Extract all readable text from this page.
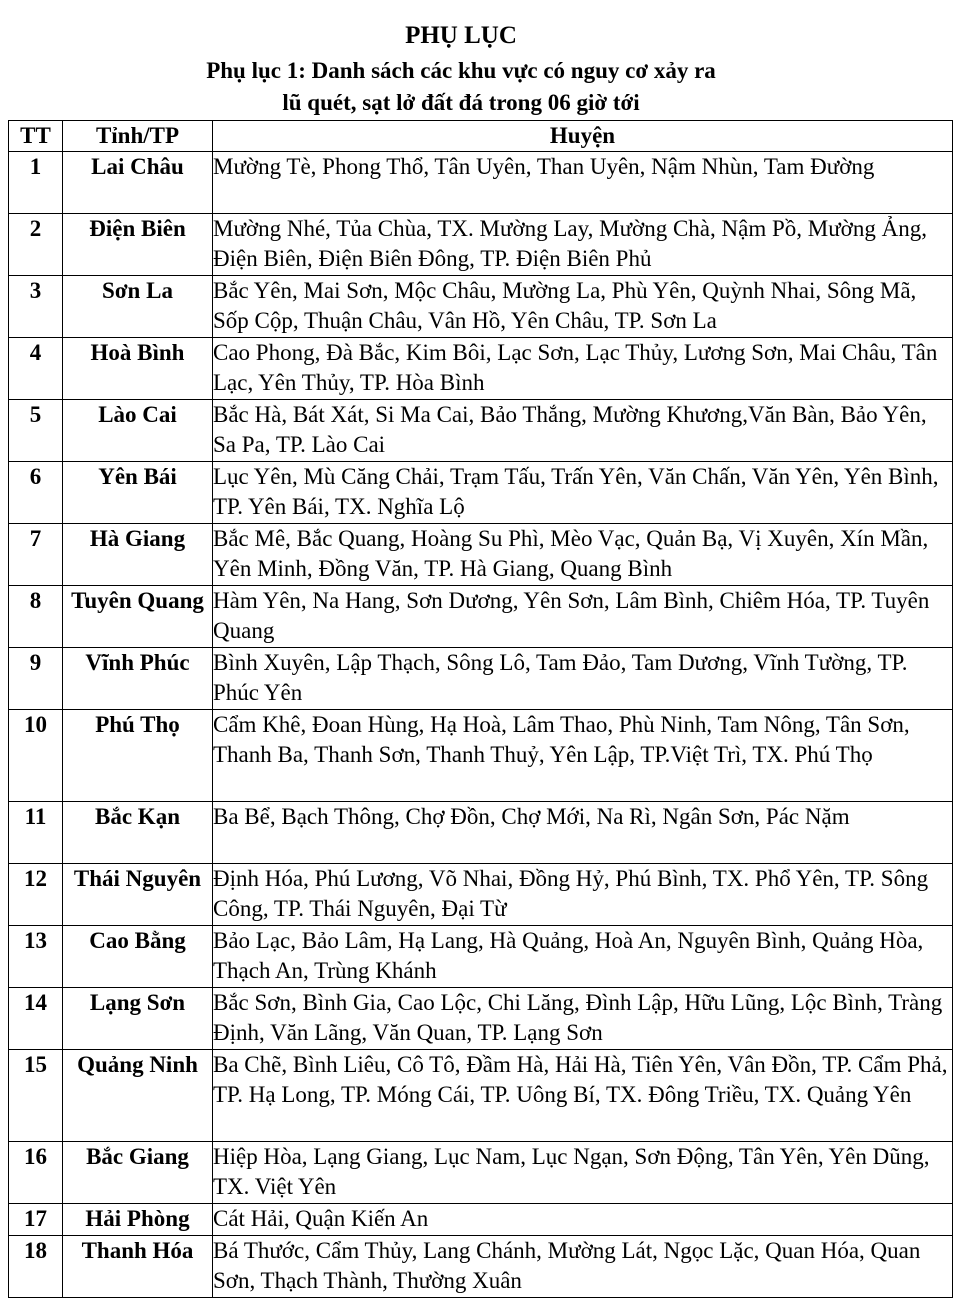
PHỤ LỤC
Phụ lục 1: Danh sách các khu vực có nguy cơ xảy ra
lũ quét, sạt lở đất đá trong 06 giờ tới
TT	Tỉnh/TP	Huyện
1	Lai Châu	Mường Tè, Phong Thổ, Tân Uyên, Than Uyên, Nậm Nhùn, Tam Đường
2	Điện Biên	Mường Nhé, Tủa Chùa, TX. Mường Lay, Mường Chà, Nậm Pồ, Mường Ảng, Điện Biên, Điện Biên Đông, TP. Điện Biên Phủ
3	Sơn La	Bắc Yên, Mai Sơn, Mộc Châu, Mường La, Phù Yên, Quỳnh Nhai, Sông Mã, Sốp Cộp, Thuận Châu, Vân Hồ, Yên Châu, TP. Sơn La
4	Hoà Bình	Cao Phong, Đà Bắc, Kim Bôi, Lạc Sơn, Lạc Thủy, Lương Sơn, Mai Châu, Tân Lạc, Yên Thủy, TP. Hòa Bình
5	Lào Cai	Bắc Hà, Bát Xát, Si Ma Cai, Bảo Thắng, Mường Khương,Văn Bàn, Bảo Yên, Sa Pa, TP. Lào Cai
6	Yên Bái	Lục Yên, Mù Căng Chải, Trạm Tấu, Trấn Yên, Văn Chấn, Văn Yên, Yên Bình, TP. Yên Bái, TX. Nghĩa Lộ
7	Hà Giang	Bắc Mê, Bắc Quang, Hoàng Su Phì, Mèo Vạc, Quản Bạ, Vị Xuyên, Xín Mần, Yên Minh, Đồng Văn, TP. Hà Giang, Quang Bình
8	Tuyên Quang	Hàm Yên, Na Hang, Sơn Dương, Yên Sơn, Lâm Bình, Chiêm Hóa, TP. Tuyên Quang
9	Vĩnh Phúc	Bình Xuyên, Lập Thạch, Sông Lô, Tam Đảo, Tam Dương, Vĩnh Tường, TP. Phúc Yên
10	Phú Thọ	Cẩm Khê, Đoan Hùng, Hạ Hoà, Lâm Thao, Phù Ninh, Tam Nông, Tân Sơn, Thanh Ba, Thanh Sơn, Thanh Thuỷ, Yên Lập, TP.Việt Trì, TX. Phú Thọ
11	Bắc Kạn	Ba Bể, Bạch Thông, Chợ Đồn, Chợ Mới, Na Rì, Ngân Sơn, Pác Nặm
12	Thái Nguyên	Định Hóa, Phú Lương, Võ Nhai, Đồng Hỷ, Phú Bình, TX. Phổ Yên, TP. Sông Công, TP. Thái Nguyên, Đại Từ
13	Cao Bằng	Bảo Lạc, Bảo Lâm, Hạ Lang, Hà Quảng, Hoà An, Nguyên Bình, Quảng Hòa, Thạch An, Trùng Khánh
14	Lạng Sơn	Bắc Sơn, Bình Gia, Cao Lộc, Chi Lăng, Đình Lập, Hữu Lũng, Lộc Bình, Tràng Định, Văn Lãng, Văn Quan, TP. Lạng Sơn
15	Quảng Ninh	Ba Chẽ, Bình Liêu, Cô Tô, Đầm Hà, Hải Hà, Tiên Yên, Vân Đồn, TP. Cẩm Phả, TP. Hạ Long, TP. Móng Cái, TP. Uông Bí, TX. Đông Triều, TX. Quảng Yên
16	Bắc Giang	Hiệp Hòa, Lạng Giang, Lục Nam, Lục Ngạn, Sơn Động, Tân Yên, Yên Dũng, TX. Việt Yên
17	Hải Phòng	Cát Hải, Quận Kiến An
18	Thanh Hóa	Bá Thước, Cẩm Thủy, Lang Chánh, Mường Lát, Ngọc Lặc, Quan Hóa, Quan Sơn, Thạch Thành, Thường Xuân
